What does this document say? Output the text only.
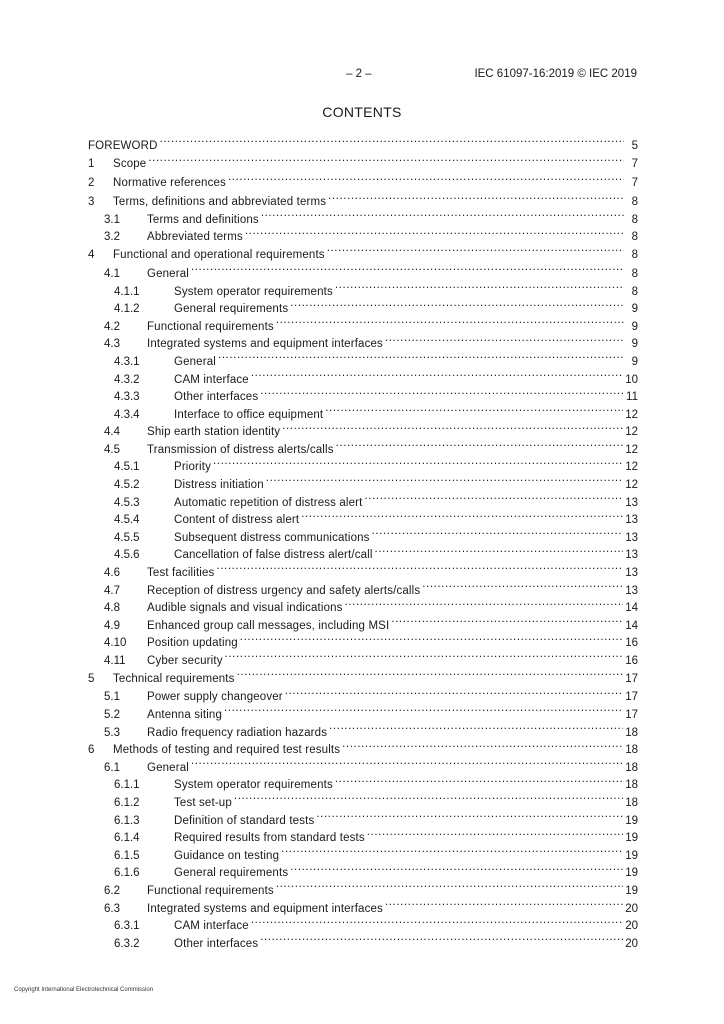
– 2 –	IEC 61097-16:2019 © IEC 2019
CONTENTS
FOREWORD .....	5
1	Scope .....	7
2	Normative references .....	7
3	Terms, definitions and abbreviated terms .....	8
3.1	Terms and definitions .....	8
3.2	Abbreviated terms .....	8
4	Functional and operational requirements .....	8
4.1	General .....	8
4.1.1	System operator requirements .....	8
4.1.2	General requirements .....	9
4.2	Functional requirements .....	9
4.3	Integrated systems and equipment interfaces .....	9
4.3.1	General .....	9
4.3.2	CAM interface .....	10
4.3.3	Other interfaces .....	11
4.3.4	Interface to office equipment .....	12
4.4	Ship earth station identity .....	12
4.5	Transmission of distress alerts/calls .....	12
4.5.1	Priority .....	12
4.5.2	Distress initiation .....	12
4.5.3	Automatic repetition of distress alert .....	13
4.5.4	Content of distress alert .....	13
4.5.5	Subsequent distress communications .....	13
4.5.6	Cancellation of false distress alert/call .....	13
4.6	Test facilities .....	13
4.7	Reception of distress urgency and safety alerts/calls .....	13
4.8	Audible signals and visual indications .....	14
4.9	Enhanced group call messages, including MSI .....	14
4.10	Position updating .....	16
4.11	Cyber security .....	16
5	Technical requirements .....	17
5.1	Power supply changeover .....	17
5.2	Antenna siting .....	17
5.3	Radio frequency radiation hazards .....	18
6	Methods of testing and required test results .....	18
6.1	General .....	18
6.1.1	System operator requirements .....	18
6.1.2	Test set-up .....	18
6.1.3	Definition of standard tests .....	19
6.1.4	Required results from standard tests .....	19
6.1.5	Guidance on testing .....	19
6.1.6	General requirements .....	19
6.2	Functional requirements .....	19
6.3	Integrated systems and equipment interfaces .....	20
6.3.1	CAM interface .....	20
6.3.2	Other interfaces .....	20
Copyright International Electrotechnical Commission
